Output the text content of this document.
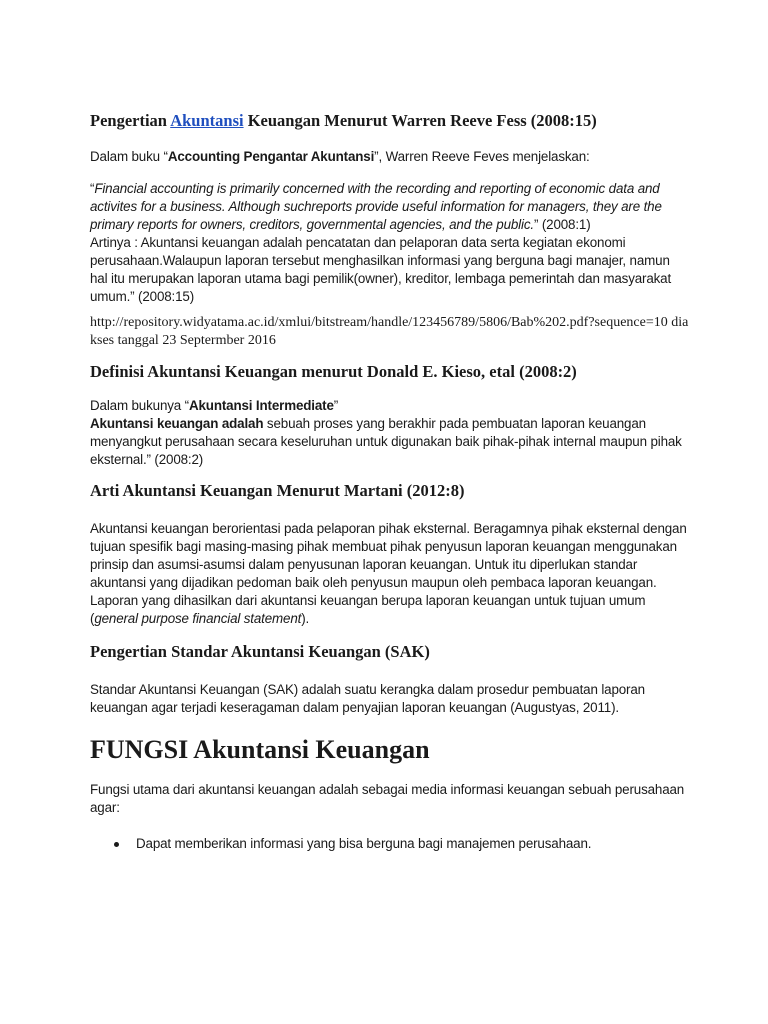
Pengertian Akuntansi Keuangan Menurut Warren Reeve Fess (2008:15)

Dalam buku “Accounting Pengantar Akuntansi”, Warren Reeve Feves menjelaskan:

“Financial accounting is primarily concerned with the recording and reporting of economic data and activites for a business. Although suchreports provide useful information for managers, they are the primary reports for owners, creditors, governmental agencies, and the public.” (2008:1)

Artinya : Akuntansi keuangan adalah pencatatan dan pelaporan data serta kegiatan ekonomi perusahaan.Walaupun laporan tersebut menghasilkan informasi yang berguna bagi manajer, namun hal itu merupakan laporan utama bagi pemilik(owner), kreditor, lembaga pemerintah dan masyarakat umum.” (2008:15)

http://repository.widyatama.ac.id/xmlui/bitstream/handle/123456789/5806/Bab%202.pdf?sequence=10 diakses tanggal 23 Septermber 2016

Definisi Akuntansi Keuangan menurut Donald E. Kieso, etal (2008:2)

Dalam bukunya “Akuntansi Intermediate”

Akuntansi keuangan adalah sebuah proses yang berakhir pada pembuatan laporan keuangan menyangkut perusahaan secara keseluruhan untuk digunakan baik pihak-pihak internal maupun pihak eksternal.” (2008:2)

Arti Akuntansi Keuangan Menurut Martani (2012:8)

Akuntansi keuangan berorientasi pada pelaporan pihak eksternal. Beragamnya pihak eksternal dengan tujuan spesifik bagi masing-masing pihak membuat pihak penyusun laporan keuangan menggunakan prinsip dan asumsi-asumsi dalam penyusunan laporan keuangan. Untuk itu diperlukan standar akuntansi yang dijadikan pedoman baik oleh penyusun maupun oleh pembaca laporan keuangan. Laporan yang dihasilkan dari akuntansi keuangan berupa laporan keuangan untuk tujuan umum (general purpose financial statement).

Pengertian Standar Akuntansi Keuangan (SAK)

Standar Akuntansi Keuangan (SAK) adalah suatu kerangka dalam prosedur pembuatan laporan keuangan agar terjadi keseragaman dalam penyajian laporan keuangan (Augustyas, 2011).

FUNGSI Akuntansi Keuangan

Fungsi utama dari akuntansi keuangan adalah sebagai media informasi keuangan sebuah perusahaan agar:

Dapat memberikan informasi yang bisa berguna bagi manajemen perusahaan.
